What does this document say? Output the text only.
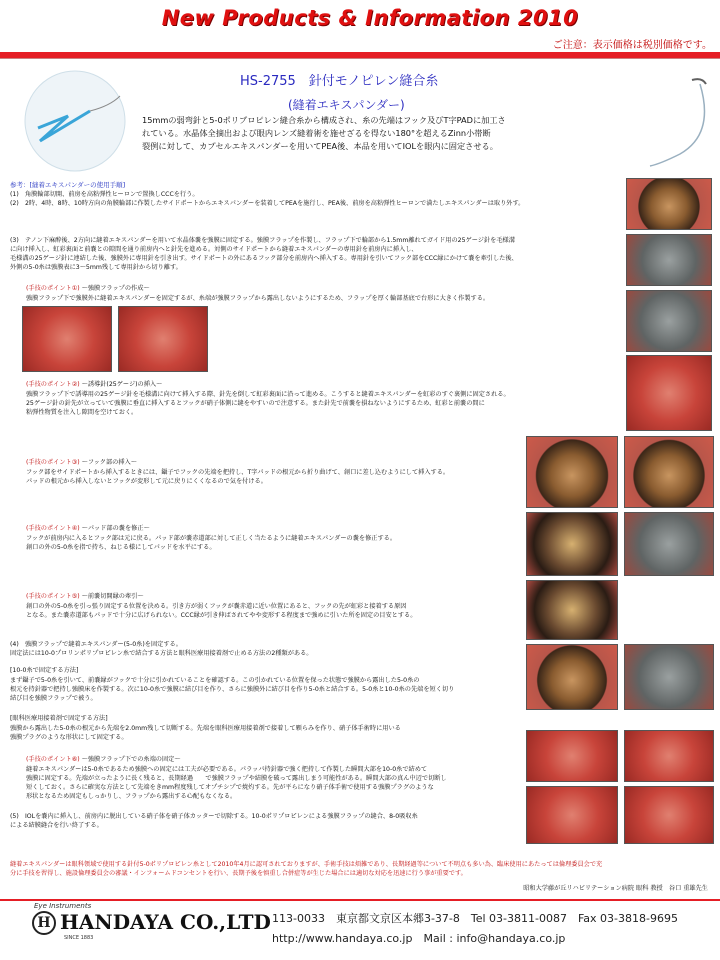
New Products & Information 2010
ご注意：表示価格は税別価格です。
HS-2755　針付モノピレン縫合糸
(縫着エキスパンダー)
15mmの弱弯針と5-0ポリプロピレン縫合糸から構成され、糸の先端はフック及びT字PADに加工さ
れている。水晶体全摘出および眼内レンズ縫着術を施せざるを得ない180°を超えるZinn小帯断
裂例に対して、カプセルエキスパンダーを用いてPEA後、本品を用いてIOLを眼内に固定させる。
参考：[縫着エキスパンダーの使用手順]
(1)　角膜輪部切開、前房を高粘弾性ヒーロンで置換しCCCを行う。
(2)　2時、4時、8時、10時方向の角膜輪部に作製したサイドポートからエキスパンダーを装着してPEAを施行し、PEA後、前房を高粘弾性ヒーロンで満たしエキスパンダーは取り外す。
(3)　テノン下麻酔後、2方向に縫着エキスパンダーを用いて水晶体嚢を強膜に固定する。強膜フラップを作製し、フラップ下で輪部から1.5mm離れてガイド用の25ゲージ針を毛様溝
に向け挿入し、虹彩裏面と前嚢との隙間を通り前房内へと針先を進める。対側のサイドポートから縫着エキスパンダーの専用針を前房内に挿入し、
毛様溝の25ゲージ針に連結した後、強膜外に専用針を引き出す。サイドポートの外にあるフック部分を前房内へ挿入する。専用針を引いてフック部をCCC縁にかけて嚢を牽引した後、
外側の5-0糸は強膜表に3〜5mm残して専用針から切り離す。
(手技のポイント①) 〜強膜フラップの作成〜
強膜フラップ下で強膜外に縫着エキスパンダーを固定するが、糸端が強膜フラップから露出しないようにするため、フラップを厚く輪部基底で台形に大きく作製する。
(手技のポイント②) 〜誘導針(25ゲージ)の挿入〜
強膜フラップ下で誘導用の25ゲージ針を毛様溝に向けて挿入する際、針先を倒して虹彩裏面に沿って進める。こうすると縫着エキスパンダーを虹彩のすぐ裏側に固定される。
25ゲージ針の針先が立っていて強膜に垂直に挿入するとフックが硝子体側に縫をやすいので注意する。また針先で前嚢を損ねないようにするため、虹彩と前嚢の間に
粘弾性物質を注入し隙間を空けておく。
(手技のポイント③) 〜フック部の挿入〜
フック部をサイドポートから挿入するときには、鑷子でフックの先端を把持し、T字パッドの根元から折り曲げて、創口に差し込むようにして挿入する。
パッドの根元から挿入しないとフックが変形して元に戻りにくくなるので気を付ける。
(手技のポイント④) 〜パッド部の嚢を修正〜
フックが前房内に入るとフック部は元に戻る。パッド部が嚢赤道部に対して正しく当たるように縫着エキスパンダーの嚢を修正する。
創口の外の5-0糸を指で持ち、ねじる様にしてパッドを水平にする。
(手技のポイント⑤) 〜前嚢切開縁の牽引〜
創口の外の5-0糸を引っ張り固定する位置を決める。引き方が弱くフックが嚢赤道に近い位置にあると、フックの先が虹彩と接着する原因
となる。また嚢赤道部もパッドで十分に広げられない。CCC縁が引き伸ばされてやや変形する程度まで強めに引いた所を固定の目安とする。
(4)　強膜フラップで縫着エキスパンダー(5-0糸)を固定する。
固定法には10-0プロリンポリプロピレン糸で結合する方法と眼科医療用接着剤で止める方法の2種類がある。
[10-0糸で固定する方法]
まず鑷子で5-0糸を引いて、前嚢縁がフックで十分に引かれていることを確認する。この引かれている位置を保った状態で強膜から露出した5-0糸の
根元を持針器で把持し強膜床を作製する。次に10-0糸で強膜に結び目を作り、さらに強膜外に結び目を作り5-0糸と結合する。5-0糸と10-0糸の先端を短く切り
結び目を強膜フラップで被う。
[眼科医療用接着剤で固定する方法]
強膜から露出した5-0糸の根元から先端を2.0mm残して切断する。先端を眼科医療用接着剤で接着して顆らみを作り、硝子体手術時に用いる
強膜プラグのような形状にして固定する。
(手技のポイント⑥) 〜強膜フラップ下での糸端の固定〜
縫着エキスパンダーは5-0糸であるため強膜への固定には工夫が必要である。パラッパ持針器で強く把持して作製した瞬間大部を10-0糸で結めて
強膜に固定する。先端が立ったように長く残ると、長期経過　　で強膜フラップや結膜を破って露出しまう可能性がある。瞬間大部の真ん中辺で切断し
短くしておく。さらに確実な方法として先端をきmm程度残してオプチシプで焼灼する。先が平らになり硝子体手術で使用する強膜プラグのような
形状となるため固定もしっかりし、フラップから露出する心配もなくなる。
(5)　IOLを嚢内に挿入し、前房内に脱出している硝子体を硝子体カッターで切除する。10-0ポリプロピレンによる強膜フラップの縫合、8-0吸収糸
による結膜縫合を行い終了する。
縫着エキスパンダーは眼科領域で使用する針付5-0ポリプロピレン糸として2010年4月に認可されておりますが、手術手技は煩雑であり、長期経過等について不明点も多い為、臨床使用にあたっては倫理委員会で充
分に手技を習得し、施設倫理委員会の審議・インフォームドコンセントを行い、長期予後を慎重し合併症等が生じた場合には適切な対応を迅速に行う事が重要です。
昭和大学藤が丘リハビリテーション病院 眼科 教授　谷口 重雄先生
Eye Instruments
H HANDAYA CO.,LTD
SINCE 1883
113-0033　東京都文京区本郷3-37-8　Tel 03-3811-0087　Fax 03-3818-9695
http://www.handaya.co.jp　Mail : info@handaya.co.jp
